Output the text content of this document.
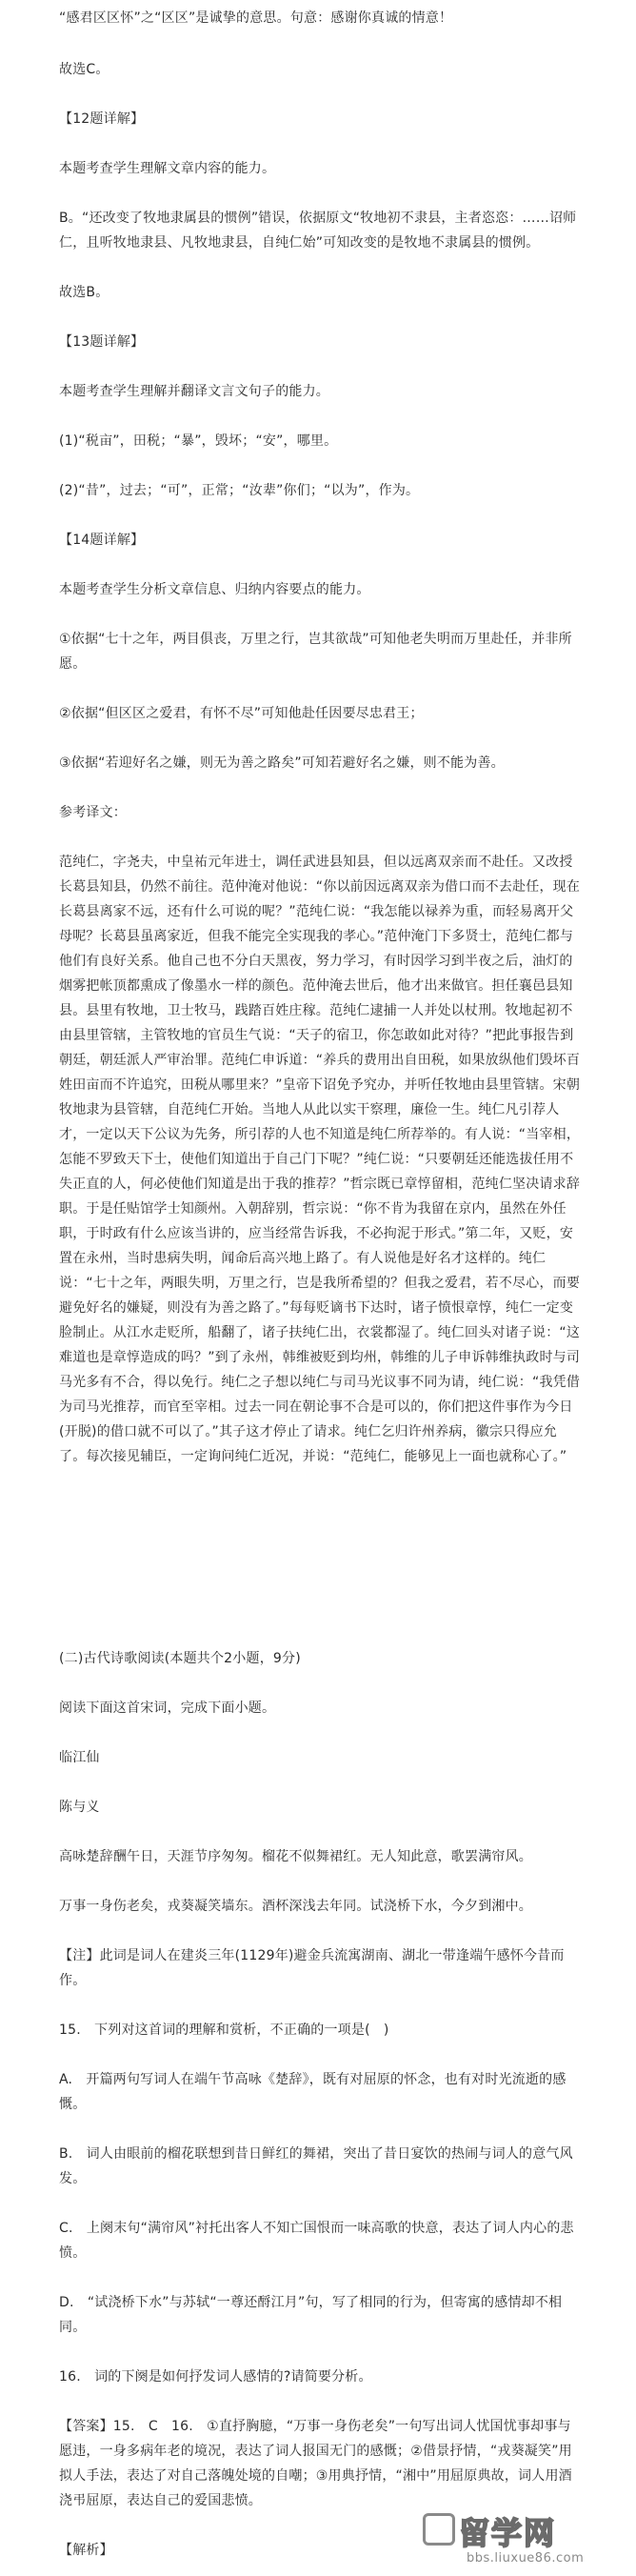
“感君区区怀”之“区区”是诚挚的意思。句意：感谢你真诚的情意！

故选C。

【12题详解】

本题考查学生理解文章内容的能力。

B。“还改变了牧地隶属县的惯例”错误，依据原文“牧地初不隶县，主者恣恣：……诏师仁，且听牧地隶县、凡牧地隶县，自纯仁始”可知改变的是牧地不隶属县的惯例。

故选B。

【13题详解】

本题考查学生理解并翻译文言文句子的能力。

(1)“税亩”，田税；“暴”，毁坏；“安”，哪里。

(2)“昔”，过去；“可”，正常；“汝辈”你们；“以为”，作为。

【14题详解】

本题考查学生分析文章信息、归纳内容要点的能力。

①依据“七十之年，两目俱丧，万里之行，岂其欲哉”可知他老失明而万里赴任，并非所愿。

②依据“但区区之爱君，有怀不尽”可知他赴任因要尽忠君王；

③依据“若迎好名之嫌，则无为善之路矣”可知若避好名之嫌，则不能为善。

参考译文：

范纯仁，字尧夫，中皇祐元年进士，调任武进县知县，但以远离双亲而不赴任。又改授长葛县知县，仍然不前往。范仲淹对他说：“你以前因远离双亲为借口而不去赴任，现在长葛县离家不远，还有什么可说的呢？”范纯仁说：“我怎能以禄养为重，而轻易离开父母呢？长葛县虽离家近，但我不能完全实现我的孝心。”范仲淹门下多贤士，范纯仁都与他们有良好关系。他自己也不分白天黑夜，努力学习，有时因学习到半夜之后，油灯的烟雾把帐顶都熏成了像墨水一样的颜色。范仲淹去世后，他才出来做官。担任襄邑县知县。县里有牧地，卫士牧马，践踏百姓庄稼。范纯仁逮捕一人并处以杖刑。牧地起初不由县里管辖，主管牧地的官员生气说：“天子的宿卫，你怎敢如此对待？”把此事报告到朝廷，朝廷派人严审治罪。范纯仁申诉道：“养兵的费用出自田税，如果放纵他们毁坏百姓田亩而不许追究，田税从哪里来？”皇帝下诏免予究办，并听任牧地由县里管辖。宋朝牧地隶为县管辖，自范纯仁开始。当地人从此以实干察理，廉俭一生。纯仁凡引荐人才，一定以天下公议为先务，所引荐的人也不知道是纯仁所荐举的。有人说：“当宰相，怎能不罗致天下士，使他们知道出于自己门下呢？”纯仁说：“只要朝廷还能选拔任用不失正直的人，何必使他们知道是出于我的推荐？”哲宗既已章惇留相，范纯仁坚决请求辞职。于是任贴馆学士知颜州。入朝辞别，哲宗说：“你不肯为我留在京内，虽然在外任职，于时政有什么应该当讲的，应当经常告诉我，不必拘泥于形式。”第二年，又贬，安置在永州，当时患病失明，闻命后高兴地上路了。有人说他是好名才这样的。纯仁说：“七十之年，两眼失明，万里之行，岂是我所希望的？但我之爱君，若不尽心，而要避免好名的嫌疑，则没有为善之路了。”每每贬谪书下达时，诸子愤恨章惇，纯仁一定变脸制止。从江水走贬所，船翻了，诸子扶纯仁出，衣裳都湿了。纯仁回头对诸子说：“这难道也是章惇造成的吗？”到了永州，韩维被贬到均州，韩维的儿子申诉韩维执政时与司马光多有不合，得以免行。纯仁之子想以纯仁与司马光议事不同为请，纯仁说：“我凭借为司马光推荐，而官至宰相。过去一同在朝论事不合是可以的，你们把这件事作为今日(开脱)的借口就不可以了。”其子这才停止了请求。纯仁乞归许州养病，徽宗只得应允了。每次接见辅臣，一定询问纯仁近况，并说：“范纯仁，能够见上一面也就称心了。”

(二)古代诗歌阅读(本题共个2小题，9分)

阅读下面这首宋词，完成下面小题。

临江仙

陈与义

高咏楚辞酬午日，天涯节序匆匆。榴花不似舞裙红。无人知此意，歌罢满帘风。

万事一身伤老矣，戎葵凝笑墙东。酒杯深浅去年同。试浇桥下水，今夕到湘中。

【注】此词是词人在建炎三年(1129年)避金兵流寓湖南、湖北一带逢端午感怀今昔而作。

15.　下列对这首词的理解和赏析，不正确的一项是(　)

A.　开篇两句写词人在端午节高咏《楚辞》，既有对屈原的怀念，也有对时光流逝的感慨。

B.　词人由眼前的榴花联想到昔日鲜红的舞裙，突出了昔日宴饮的热闹与词人的意气风发。

C.　上阕末句“满帘风”衬托出客人不知亡国恨而一味高歌的快意，表达了词人内心的悲愤。

D.　“试浇桥下水”与苏轼“一尊还酹江月”句，写了相同的行为，但寄寓的感情却不相同。

16.　词的下阕是如何抒发词人感情的?请简要分析。

【答案】15.　C　16.　①直抒胸臆，“万事一身伤老矣”一句写出词人忧国忧事却事与愿违，一身多病年老的境况，表达了词人报国无门的感慨；②借景抒情，“戎葵凝笑”用拟人手法，表达了对自己落魄处境的自嘲；③用典抒情，“湘中”用屈原典故，词人用酒浇弔屈原，表达自己的爱国悲愤。

【解析】	留学网
bbs.liuxue86.com
